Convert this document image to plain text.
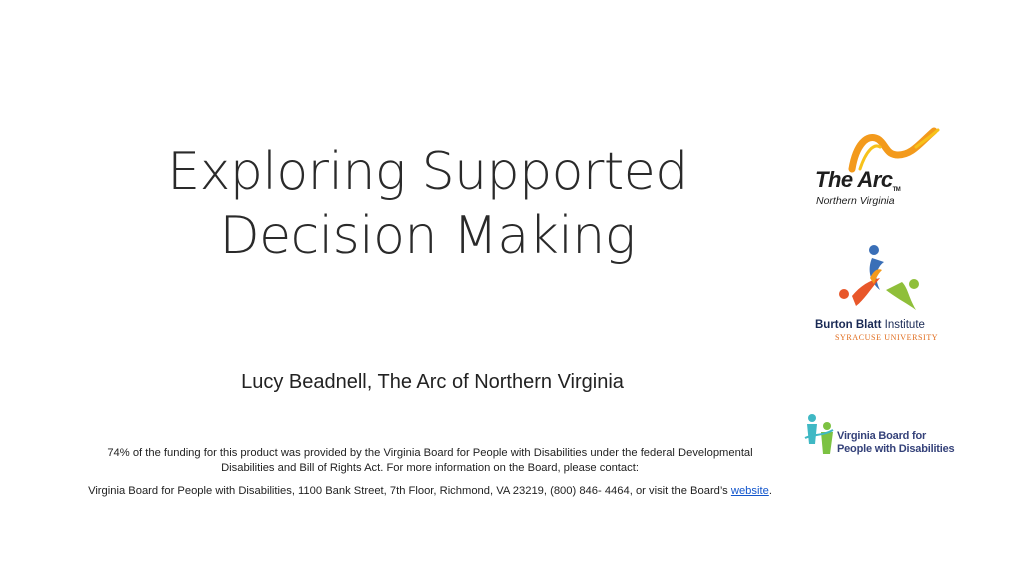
Exploring Supported
Decision Making
Lucy Beadnell, The Arc of Northern Virginia
74% of the funding for this product was provided by the Virginia Board for People with Disabilities under the federal Developmental
Disabilities and Bill of Rights Act. For more information on the Board, please contact:
Virginia Board for People with Disabilities, 1100 Bank Street, 7th Floor, Richmond, VA 23219, (800) 846- 4464, or visit the Board’s website.
The ArcTM
Northern Virginia
Burton Blatt Institute
SYRACUSE UNIVERSITY
Virginia Board for
People with Disabilities
